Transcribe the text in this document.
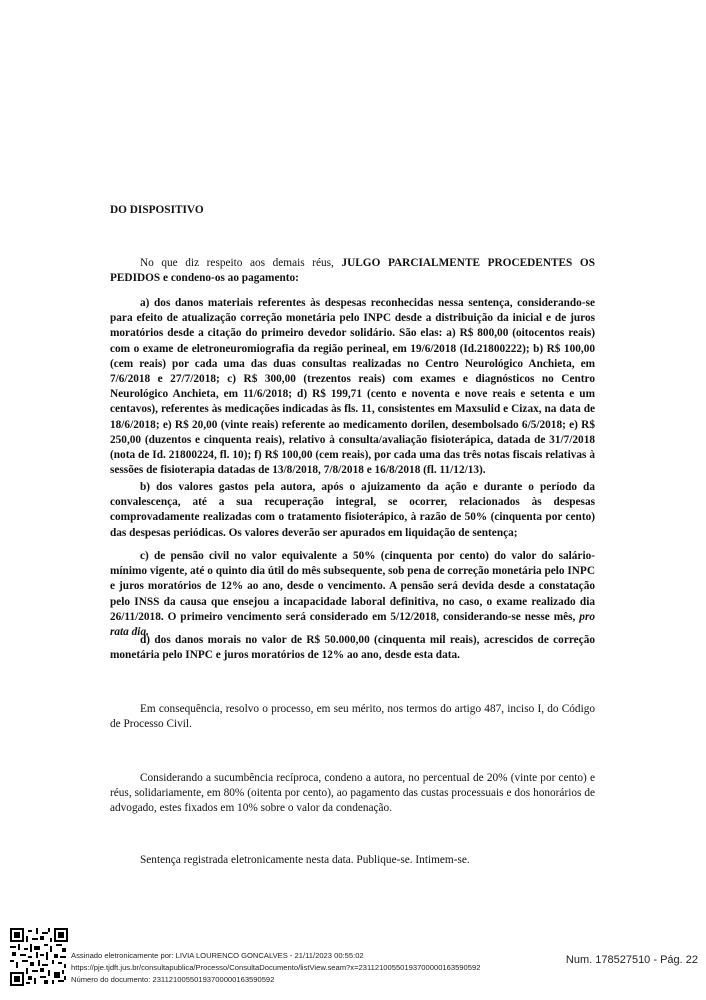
DO DISPOSITIVO
No que diz respeito aos demais réus, JULGO PARCIALMENTE PROCEDENTES OS PEDIDOS e condeno-os ao pagamento:
a) dos danos materiais referentes às despesas reconhecidas nessa sentença, considerando-se para efeito de atualização correção monetária pelo INPC desde a distribuição da inicial e de juros moratórios desde a citação do primeiro devedor solidário. São elas: a) R$ 800,00 (oitocentos reais) com o exame de eletroneuromiografia da região perineal, em 19/6/2018 (Id.21800222); b) R$ 100,00 (cem reais) por cada uma das duas consultas realizadas no Centro Neurológico Anchieta, em 7/6/2018 e 27/7/2018; c) R$ 300,00 (trezentos reais) com exames e diagnósticos no Centro Neurológico Anchieta, em 11/6/2018; d) R$ 199,71 (cento e noventa e nove reais e setenta e um centavos), referentes às medicações indicadas às fls. 11, consistentes em Maxsulid e Cizax, na data de 18/6/2018; e) R$ 20,00 (vinte reais) referente ao medicamento dorilen, desembolsado 6/5/2018; e) R$ 250,00 (duzentos e cinquenta reais), relativo à consulta/avaliação fisioterápica, datada de 31/7/2018 (nota de Id. 21800224, fl. 10); f) R$ 100,00 (cem reais), por cada uma das três notas fiscais relativas à sessões de fisioterapia datadas de 13/8/2018, 7/8/2018 e 16/8/2018 (fl. 11/12/13).
b) dos valores gastos pela autora, após o ajuizamento da ação e durante o período da convalescença, até a sua recuperação integral, se ocorrer, relacionados às despesas comprovadamente realizadas com o tratamento fisioterápico, à razão de 50% (cinquenta por cento) das despesas periódicas. Os valores deverão ser apurados em liquidação de sentença;
c) de pensão civil no valor equivalente a 50% (cinquenta por cento) do valor do salário-mínimo vigente, até o quinto dia útil do mês subsequente, sob pena de correção monetária pelo INPC e juros moratórios de 12% ao ano, desde o vencimento. A pensão será devida desde a constatação pelo INSS da causa que ensejou a incapacidade laboral definitiva, no caso, o exame realizado dia 26/11/2018. O primeiro vencimento será considerado em 5/12/2018, considerando-se nesse mês, pro rata dia.
d) dos danos morais no valor de R$ 50.000,00 (cinquenta mil reais), acrescidos de correção monetária pelo INPC e juros moratórios de 12% ao ano, desde esta data.
Em consequência, resolvo o processo, em seu mérito, nos termos do artigo 487, inciso I, do Código de Processo Civil.
Considerando a sucumbência recíproca, condeno a autora, no percentual de 20% (vinte por cento) e réus, solidariamente, em 80% (oitenta por cento), ao pagamento das custas processuais e dos honorários de advogado, estes fixados em 10% sobre o valor da condenação.
Sentença registrada eletronicamente nesta data. Publique-se. Intimem-se.
Assinado eletronicamente por: LIVIA LOURENCO GONCALVES - 21/11/2023 00:55:02
https://pje.tjdft.jus.br/consultapublica/Processo/ConsultaDocumento/listView.seam?x=23112100550193700000163590592
Número do documento: 23112100550193700000163590592
Num. 178527510 - Pág. 22
